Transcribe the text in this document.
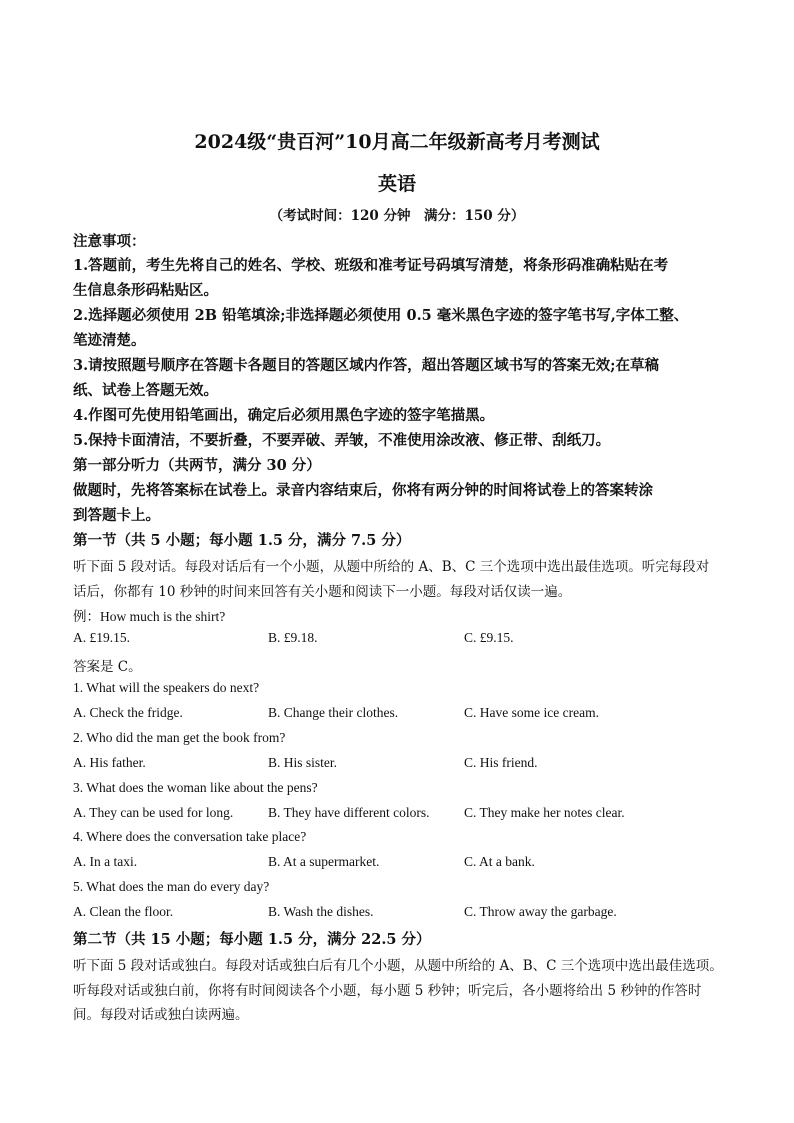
2024级“贵百河”10月高二年级新高考月考测试

英语

（考试时间：120 分钟　满分：150 分）

注意事项：

1.答题前，考生先将自己的姓名、学校、班级和准考证号码填写清楚，将条形码准确粘贴在考

生信息条形码粘贴区。

2.选择题必须使用 2B 铅笔填涂;非选择题必须使用 0.5 毫米黑色字迹的签字笔书写,字体工整、

笔迹清楚。

3.请按照题号顺序在答题卡各题目的答题区域内作答，超出答题区域书写的答案无效;在草稿

纸、试卷上答题无效。

4.作图可先使用铅笔画出，确定后必须用黑色字迹的签字笔描黑。

5.保持卡面清洁，不要折叠，不要弄破、弄皱，不准使用涂改液、修正带、刮纸刀。

第一部分听力（共两节，满分 30 分）

做题时，先将答案标在试卷上。录音内容结束后，你将有两分钟的时间将试卷上的答案转涂

到答题卡上。

第一节（共 5 小题；每小题 1.5 分，满分 7.5 分）

听下面 5 段对话。每段对话后有一个小题，从题中所给的 A、B、C 三个选项中选出最佳选项。听完每段对

话后，你都有 10 秒钟的时间来回答有关小题和阅读下一小题。每段对话仅读一遍。

例：How much is the shirt?

A. £19.15.	B. £9.18.	C. £9.15.

答案是 C。

1. What will the speakers do next?

A. Check the fridge.	B. Change their clothes.	C. Have some ice cream.

2. Who did the man get the book from?

A. His father.	B. His sister.	C. His friend.

3. What does the woman like about the pens?

A. They can be used for long.	B. They have different colors.	C. They make her notes clear.

4. Where does the conversation take place?

A. In a taxi.	B. At a supermarket.	C. At a bank.

5. What does the man do every day?

A. Clean the floor.	B. Wash the dishes.	C. Throw away the garbage.

第二节（共 15 小题；每小题 1.5 分，满分 22.5 分）

听下面 5 段对话或独白。每段对话或独白后有几个小题，从题中所给的 A、B、C 三个选项中选出最佳选项。

听每段对话或独白前，你将有时间阅读各个小题，每小题 5 秒钟；听完后，各小题将给出 5 秒钟的作答时

间。每段对话或独白读两遍。
